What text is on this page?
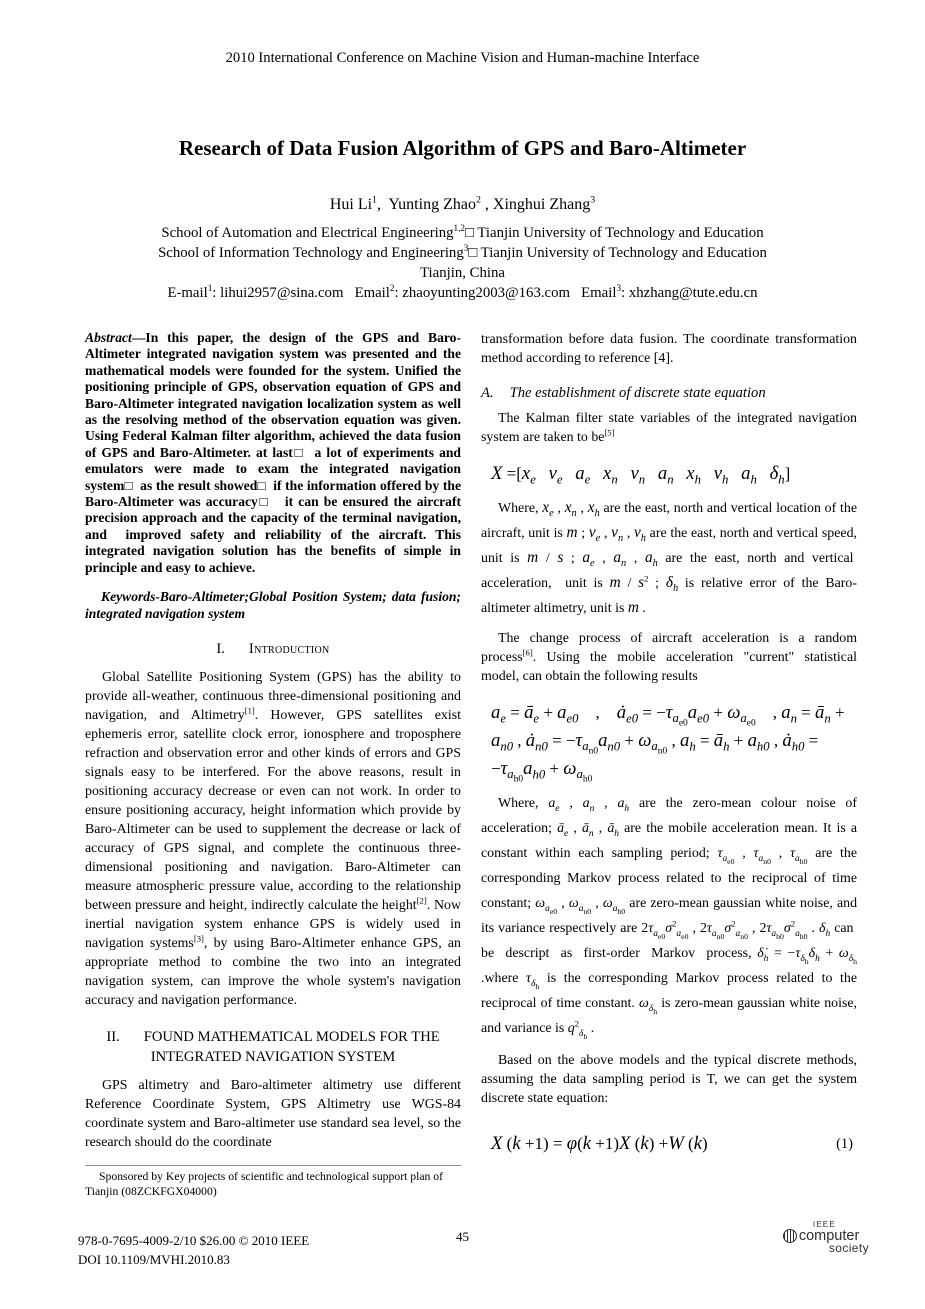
2010 International Conference on Machine Vision and Human-machine Interface
Research of Data Fusion Algorithm of GPS and Baro-Altimeter
Hui Li$^1$,  Yunting Zhao$^2$ , Xinghui Zhang$^3$
School of Automation and Electrical Engineering$^{1,2}$□ Tianjin University of Technology and Education
School of Information Technology and Engineering$^3$□ Tianjin University of Technology and Education
Tianjin, China
E-mail$^1$: lihui2957@sina.com   Email$^2$: zhaoyunting2003@163.com   Email$^3$: xhzhang@tute.edu.cn

Abstract—In this paper, the design of the GPS and Baro-Altimeter integrated navigation system was presented and the mathematical models were founded for the system. Unified the positioning principle of GPS, observation equation of GPS and Baro-Altimeter integrated navigation localization system as well as the resolving method of the observation equation was given. Using Federal Kalman filter algorithm, achieved the data fusion of GPS and Baro-Altimeter. at last□  a lot of experiments and emulators were made to exam the integrated navigation system□  as the result showed□  if the information offered by the Baro-Altimeter was accuracy□   it can be ensured the aircraft precision approach and the capacity of the terminal navigation, and  improved safety and reliability of the aircraft. This integrated navigation solution has the benefits of simple in principle and easy to achieve.

Keywords-Baro-Altimeter;Global Position System; data fusion; integrated navigation system

I. Introduction

Global Satellite Positioning System (GPS) has the ability to provide all-weather, continuous three-dimensional positioning and navigation, and Altimetry[1]. However, GPS satellites exist ephemeris error, satellite clock error, ionosphere and troposphere refraction and observation error and other kinds of errors and GPS signals easy to be interfered. For the above reasons, result in positioning accuracy decrease or even can not work. In order to ensure positioning accuracy, height information which provide by Baro-Altimeter can be used to supplement the decrease or lack of accuracy of GPS signal, and complete the continuous three-dimensional positioning and navigation. Baro-Altimeter can measure atmospheric pressure value, according to the relationship between pressure and height, indirectly calculate the height[2]. Now inertial navigation system enhance GPS is widely used in navigation systems[3], by using Baro-Altimeter enhance GPS, an appropriate method to combine the two into an integrated navigation system, can improve the whole system's navigation accuracy and navigation performance.

II. FOUND MATHEMATICAL MODELS FOR THE INTEGRATED NAVIGATION SYSTEM

GPS altimetry and Baro-altimeter altimetry use different Reference Coordinate System, GPS Altimetry use WGS-84 coordinate system and Baro-altimeter use standard sea level, so the research should do the coordinate

Sponsored by Key projects of scientific and technological support plan of Tianjin (08ZCKFGX04000)

transformation before data fusion. The coordinate transformation method according to reference [4].

A. The establishment of discrete state equation

The Kalman filter state variables of the integrated navigation system are taken to be[5]

$X =[x_e$ $v_e$ $a_e$ $x_n$ $v_n$ $a_n$ $x_h$ $v_h$ $a_h$ $\delta_h$]

Where, $x_e$ , $x_n$ , $x_h$ are the east, north and vertical location of the aircraft, unit is m ; $v_e$ , $v_n$ , $v_h$ are the east, north and vertical speed, unit is m / s ; $a_e$ , $a_n$ , $a_h$ are the east, north and vertical  acceleration,  unit is m / $s^2$ ; $\delta_h$ is relative error of the Baro-altimeter altimetry, unit is m .

The change process of aircraft acceleration is a random process[6]. Using the mobile acceleration "current" statistical model, can obtain the following results

$a_e$ = $ā_e + a_{e0}$    ,    $ȧ_{e0} = -\tau_{a_{e0}}a_{e0} + \omega_{a_{e0}}$    , $a_n$ = $ā_n + a_{n0}$ , $ȧ_{n0} = -\tau_{a_{n0}}a_{n0} + \omega_{a_{n0}}$ , $a_h$ = $ā_h + a_{h0}$ , $ȧ_{h0} = -\tau_{a_{h0}}a_{h0} + \omega_{a_{h0}}$

Where, $a_e$ , $a_n$ , $a_h$ are the zero-mean colour noise of acceleration; $ā_e$ , $ā_n$ , $ā_h$ are the mobile acceleration mean. It is a constant within each sampling period; $\tau_{a_{e0}}$ , $\tau_{a_{n0}}$ , $\tau_{a_{h0}}$ are the corresponding Markov process related to the reciprocal of time constant; $\omega_{a_{e0}}$ , $\omega_{a_{n0}}$ , $\omega_{a_{h0}}$ are zero-mean gaussian white noise, and its variance respectively are $2\tau_{a_{e0}}\sigma^2_{a_{e0}}$ , $2\tau_{a_{n0}}\sigma^2_{a_{n0}}$ , $2\tau_{a_{h0}}\sigma^2_{a_{h0}}$ . $\delta_h$ can  be  descript  as  first-order  Markov  process, $\deltȧ_h = -\tau_{\delta_h}\delta_h + \omega_{\delta_h}$ .where $\tau_{\delta_h}$ is the corresponding Markov process related to the reciprocal of time constant. $\omega_{\delta_h}$ is zero-mean gaussian white noise, and variance is $q^2_{\delta_h}$ .

Based on the above models and the typical discrete methods, assuming the data sampling period is T, we can get the system discrete state equation:

X (k +1) = φ(k +1)X (k) +W (k)	(1)
978-0-7695-4009-2/10 $26.00 © 2010 IEEE
DOI 10.1109/MVHI.2010.83
45
IEEE
computer
society
